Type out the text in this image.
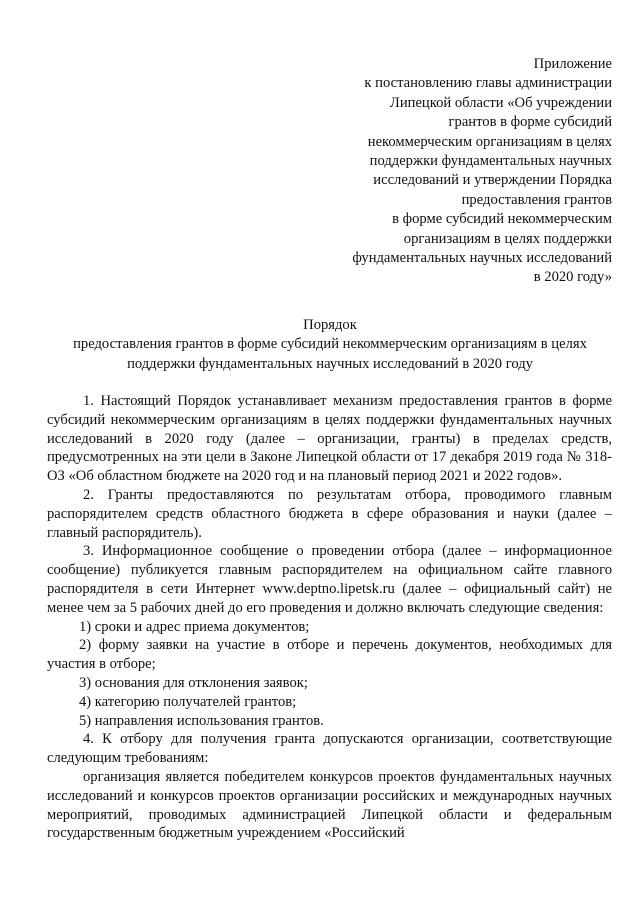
Приложение
к постановлению главы администрации
Липецкой области «Об учреждении
грантов в форме субсидий
некоммерческим организациям в целях
поддержки фундаментальных научных
исследований и утверждении Порядка
предоставления грантов
в форме субсидий некоммерческим
организациям в целях поддержки
фундаментальных научных исследований
в 2020 году»
Порядок
предоставления грантов в форме субсидий некоммерческим организациям в целях
поддержки фундаментальных научных исследований в 2020 году

1. Настоящий Порядок устанавливает механизм предоставления грантов в форме субсидий некоммерческим организациям в целях поддержки фундаментальных научных исследований в 2020 году (далее – организации, гранты) в пределах средств, предусмотренных на эти цели в Законе Липецкой области от 17 декабря 2019 года № 318-ОЗ «Об областном бюджете на 2020 год и на плановый период 2021 и 2022 годов».

2. Гранты предоставляются по результатам отбора, проводимого главным распорядителем средств областного бюджета в сфере образования и науки (далее – главный распорядитель).

3. Информационное сообщение о проведении отбора (далее – информационное сообщение) публикуется главным распорядителем на официальном сайте главного распорядителя в сети Интернет www.deptno.lipetsk.ru (далее – официальный сайт) не менее чем за 5 рабочих дней до его проведения и должно включать следующие сведения:

1) сроки и адрес приема документов;

2) форму заявки на участие в отборе и перечень документов, необходимых для участия в отборе;

3) основания для отклонения заявок;

4) категорию получателей грантов;

5) направления использования грантов.

4. К отбору для получения гранта допускаются организации, соответствующие следующим требованиям:

организация является победителем конкурсов проектов фундаментальных научных исследований и конкурсов проектов организации российских и международных научных мероприятий, проводимых администрацией Липецкой области и федеральным государственным бюджетным учреждением «Российский
